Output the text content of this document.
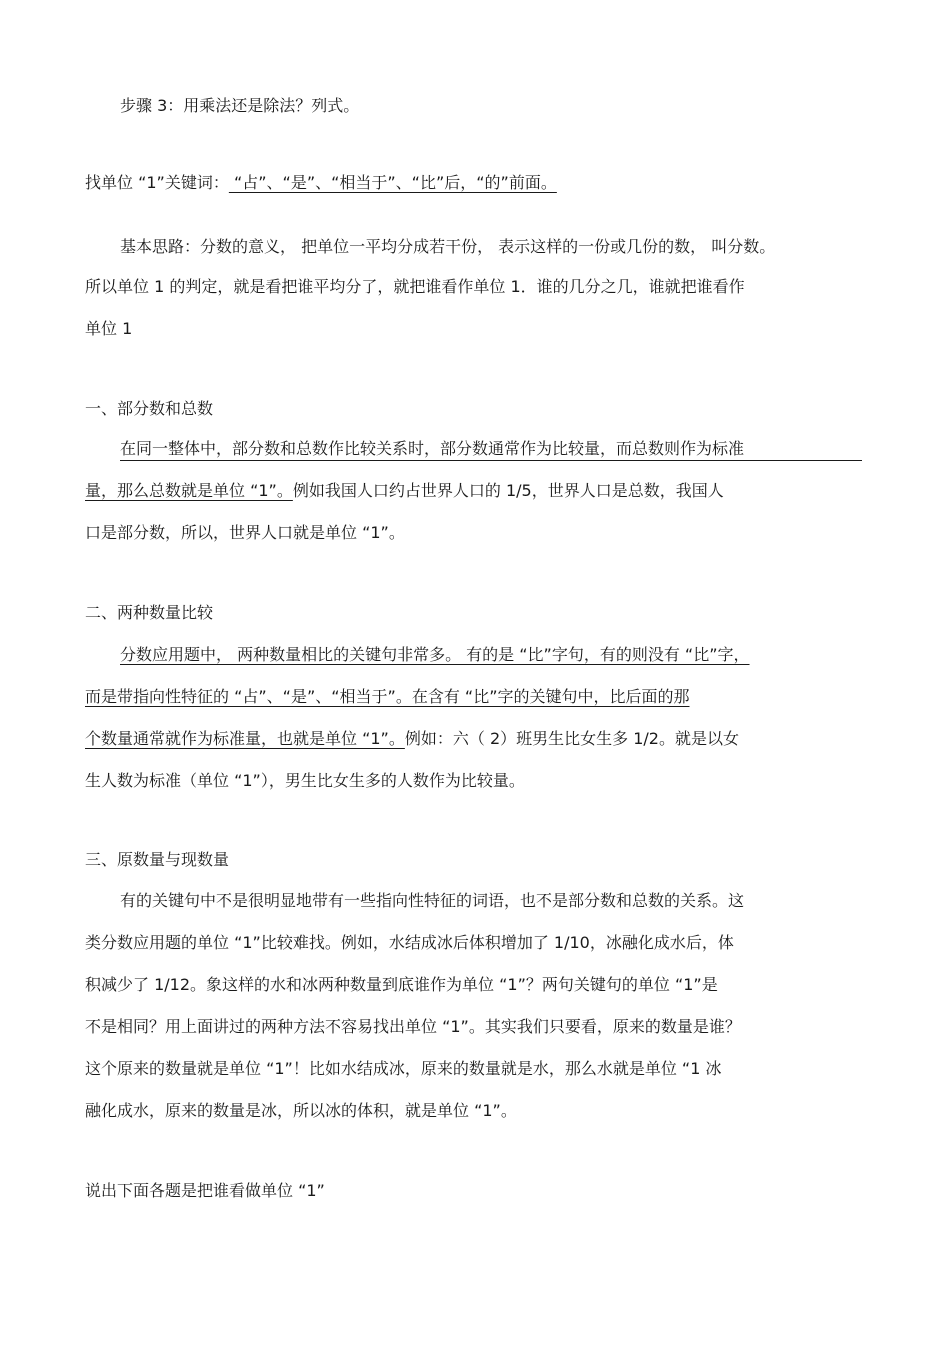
步骤 3：用乘法还是除法？列式。
找单位 “1”关键词： “占”、“是”、“相当于”、“比”后，“的”前面。
基本思路：分数的意义， 把单位一平均分成若干份， 表示这样的一份或几份的数， 叫分数。
所以单位 1 的判定，就是看把谁平均分了，就把谁看作单位 1．谁的几分之几，谁就把谁看作
单位 1
一、部分数和总数
在同一整体中，部分数和总数作比较关系时，部分数通常作为比较量，而总数则作为标准
量，那么总数就是单位 “1”。例如我国人口约占世界人口的 1/5，世界人口是总数，我国人
口是部分数，所以，世界人口就是单位 “1”。
二、两种数量比较
分数应用题中， 两种数量相比的关键句非常多。 有的是 “比”字句，有的则没有 “比”字，
而是带指向性特征的 “占”、“是”、“相当于”。在含有 “比”字的关键句中，比后面的那
个数量通常就作为标准量，也就是单位 “1”。例如：六（ 2）班男生比女生多 1/2。就是以女
生人数为标准（单位 “1”），男生比女生多的人数作为比较量。
三、原数量与现数量
有的关键句中不是很明显地带有一些指向性特征的词语，也不是部分数和总数的关系。这
类分数应用题的单位 “1”比较难找。例如，水结成冰后体积增加了 1/10，冰融化成水后，体
积减少了 1/12。象这样的水和冰两种数量到底谁作为单位 “1”？两句关键句的单位 “1”是
不是相同？用上面讲过的两种方法不容易找出单位 “1”。其实我们只要看，原来的数量是谁？
这个原来的数量就是单位 “1”！比如水结成冰，原来的数量就是水，那么水就是单位 “1 冰
融化成水，原来的数量是冰，所以冰的体积，就是单位 “1”。
说出下面各题是把谁看做单位 “1”
